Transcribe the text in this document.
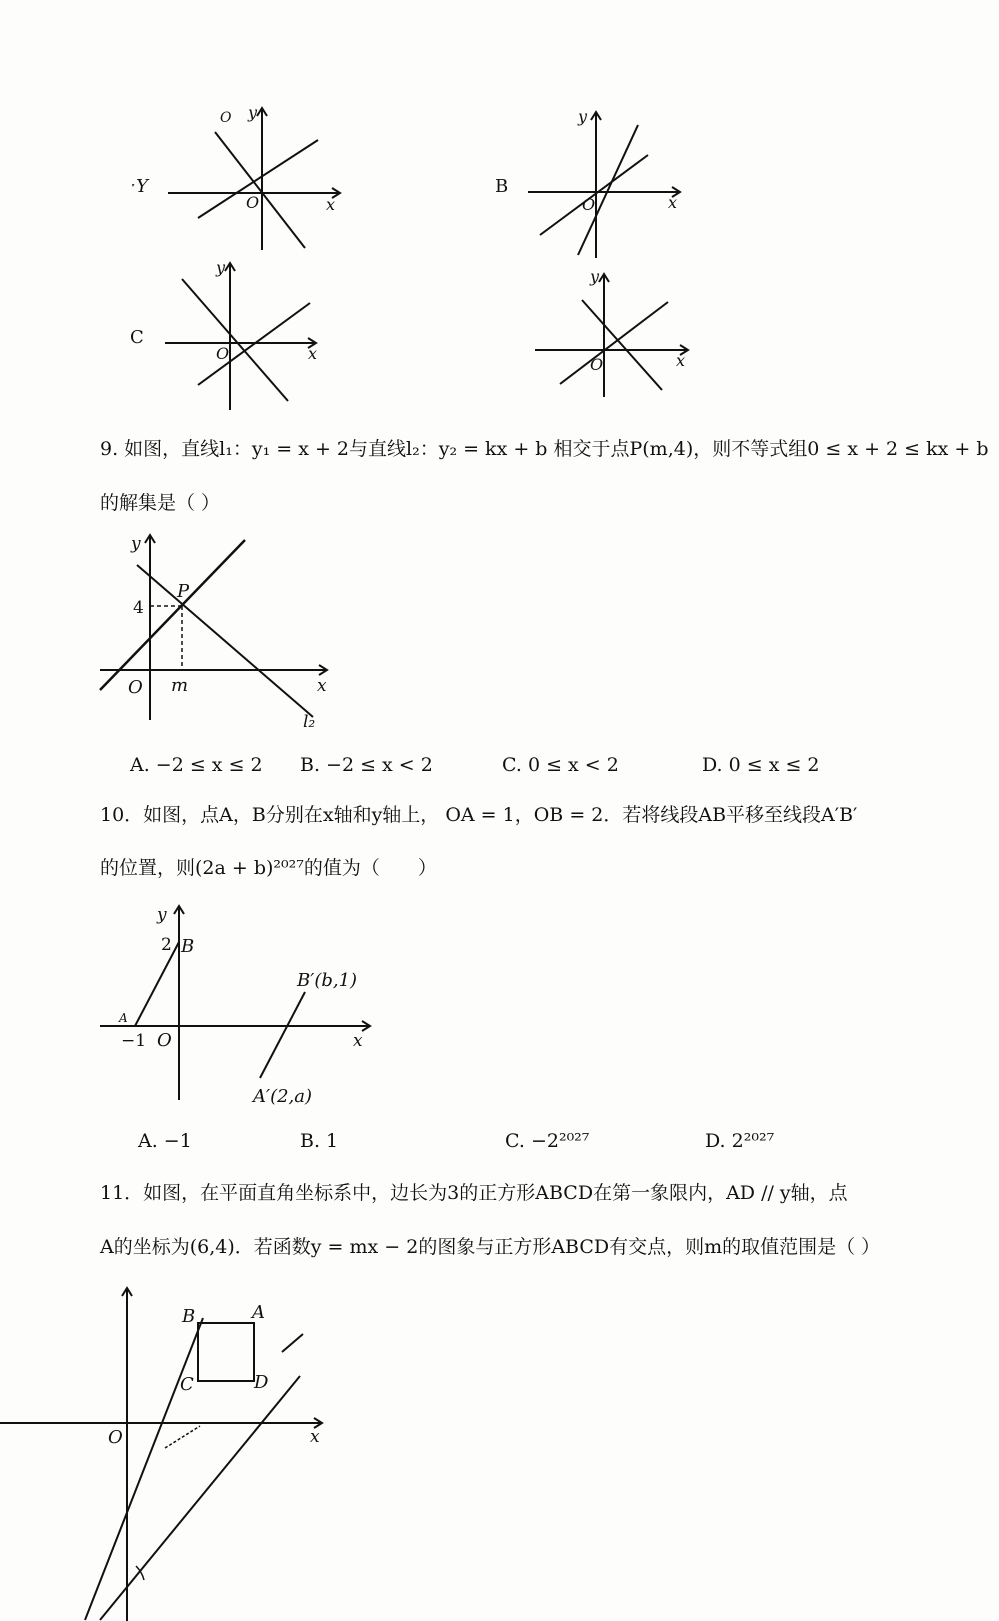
ˑY
O y
x
O
B
y
x
O
C
y
x
O
y
x
O
9. 如图，直线l₁：y₁ = x + 2与直线l₂：y₂ = kx + b 相交于点P(m,4)，则不等式组0 ≤ x + 2 ≤ kx + b
的解集是（ ）
y
x
O
P
m
4
l₂
A. −2 ≤ x ≤ 2 B. −2 ≤ x < 2	C. 0 ≤ x < 2	D. 0 ≤ x ≤ 2
10．如图，点A，B分别在x轴和y轴上， OA = 1，OB = 2．若将线段AB平移至线段A′B′
的位置，则(2a + b)²⁰²⁷的值为（　　）
y
x
O
2 B
−1
A
B′(b,1)
A′(2,a)
A. −1	B. 1	C. −2²⁰²⁷	D. 2²⁰²⁷
11．如图，在平面直角坐标系中，边长为3的正方形ABCD在第一象限内，AD // y轴，点
A的坐标为(6,4)．若函数y = mx − 2的图象与正方形ABCD有交点，则m的取值范围是（ ）
O	x
A
B
C	D
